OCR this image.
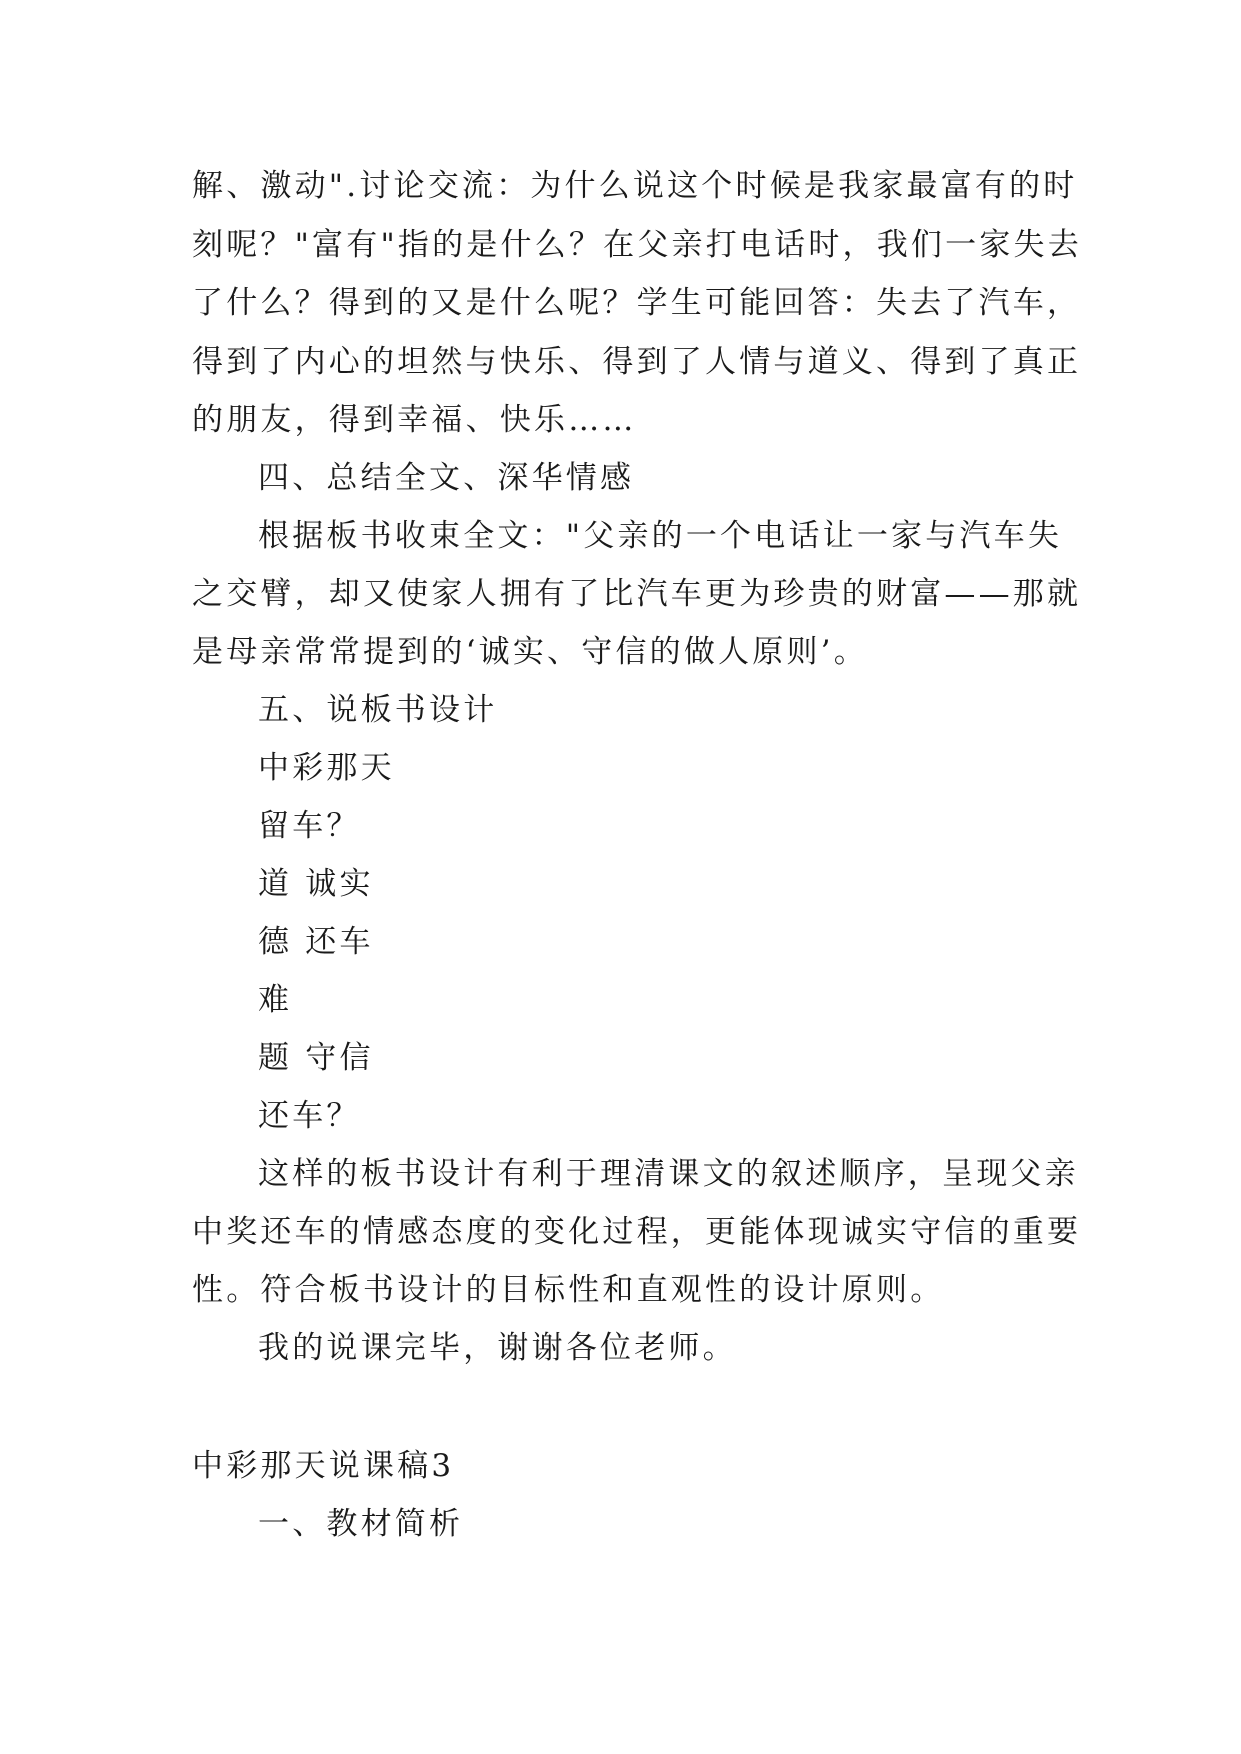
解、激动".讨论交流：为什么说这个时候是我家最富有的时
刻呢？"富有"指的是什么？在父亲打电话时，我们一家失去
了什么？得到的又是什么呢？学生可能回答：失去了汽车，
得到了内心的坦然与快乐、得到了人情与道义、得到了真正
的朋友，得到幸福、快乐……
四、总结全文、深华情感
根据板书收束全文："父亲的一个电话让一家与汽车失
之交臂，却又使家人拥有了比汽车更为珍贵的财富——那就
是母亲常常提到的‘诚实、守信的做人原则’。
五、说板书设计
中彩那天
留车？
道 诚实
德 还车
难
题 守信
还车？
这样的板书设计有利于理清课文的叙述顺序，呈现父亲
中奖还车的情感态度的变化过程，更能体现诚实守信的重要
性。符合板书设计的目标性和直观性的设计原则。
我的说课完毕，谢谢各位老师。
中彩那天说课稿3
一、教材简析
